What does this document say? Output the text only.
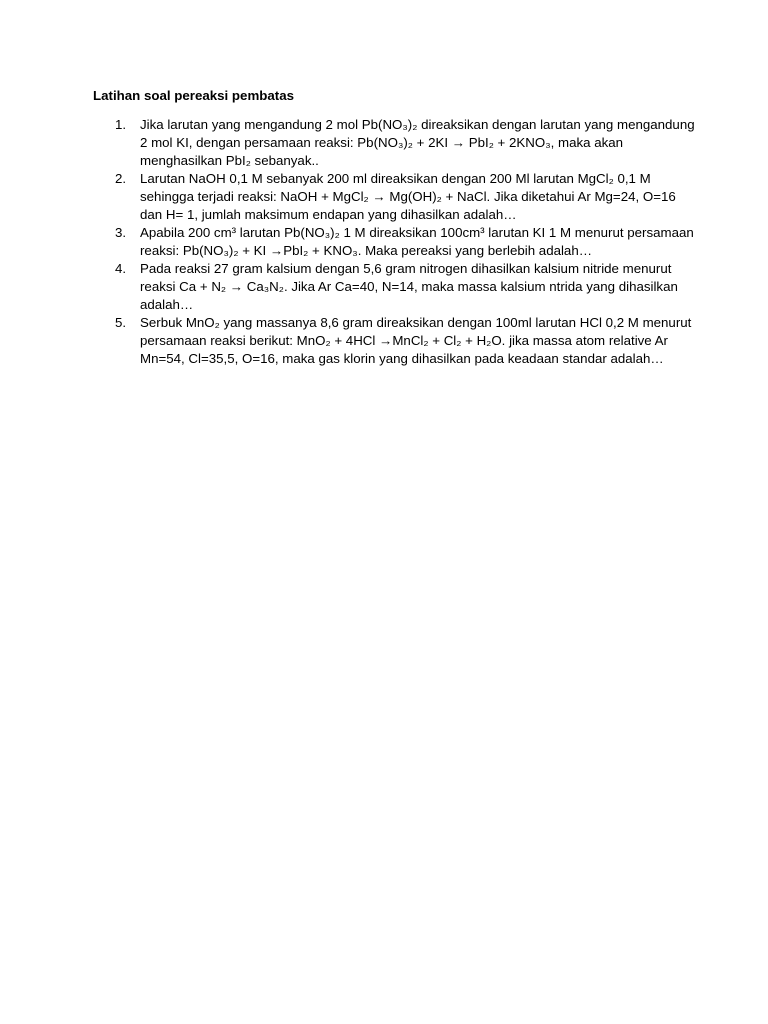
Latihan soal pereaksi pembatas
1. Jika larutan yang mengandung 2 mol Pb(NO₃)₂ direaksikan dengan larutan yang mengandung
2 mol KI, dengan persamaan reaksi: Pb(NO₃)₂ + 2KI → PbI₂ + 2KNO₃, maka akan
menghasilkan PbI₂ sebanyak..
2. Larutan NaOH 0,1 M sebanyak 200 ml direaksikan dengan 200 Ml larutan MgCl₂ 0,1 M
sehingga terjadi reaksi: NaOH + MgCl₂ → Mg(OH)₂ + NaCl. Jika diketahui Ar Mg=24, O=16
dan H= 1, jumlah maksimum endapan yang dihasilkan adalah…
3. Apabila 200 cm³ larutan Pb(NO₃)₂ 1 M direaksikan 100cm³ larutan KI 1 M menurut persamaan
reaksi: Pb(NO₃)₂ + KI →PbI₂ + KNO₃. Maka pereaksi yang berlebih adalah…
4. Pada reaksi 27 gram kalsium dengan 5,6 gram nitrogen dihasilkan kalsium nitride menurut
reaksi Ca + N₂ → Ca₃N₂. Jika Ar Ca=40, N=14, maka massa kalsium ntrida yang dihasilkan
adalah…
5. Serbuk MnO₂ yang massanya 8,6 gram direaksikan dengan 100ml larutan HCl 0,2 M menurut
persamaan reaksi berikut: MnO₂ + 4HCl →MnCl₂ + Cl₂ + H₂O. jika massa atom relative Ar
Mn=54, Cl=35,5, O=16, maka gas klorin yang dihasilkan pada keadaan standar adalah…
